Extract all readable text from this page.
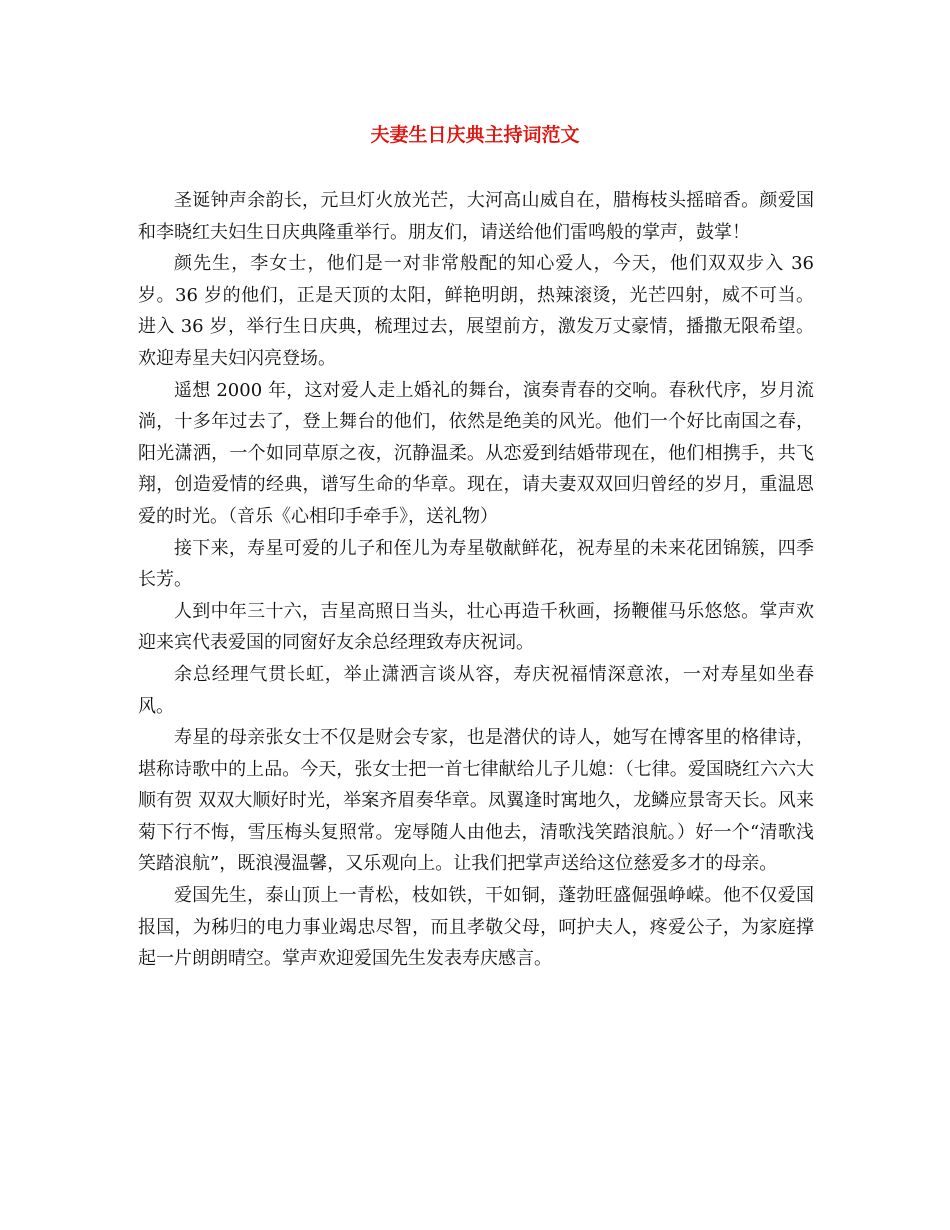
夫妻生日庆典主持词范文

圣诞钟声余韵长，元旦灯火放光芒，大河高山威自在，腊梅枝头摇暗香。颜爱国和李晓红夫妇生日庆典隆重举行。朋友们，请送给他们雷鸣般的掌声，鼓掌！

颜先生，李女士，他们是一对非常般配的知心爱人，今天，他们双双步入 36 岁。36 岁的他们，正是天顶的太阳，鲜艳明朗，热辣滚烫，光芒四射，威不可当。进入 36 岁，举行生日庆典，梳理过去，展望前方，激发万丈豪情，播撒无限希望。欢迎寿星夫妇闪亮登场。

遥想 2000 年，这对爱人走上婚礼的舞台，演奏青春的交响。春秋代序，岁月流淌，十多年过去了，登上舞台的他们，依然是绝美的风光。他们一个好比南国之春，阳光潇洒，一个如同草原之夜，沉静温柔。从恋爱到结婚带现在，他们相携手，共飞翔，创造爱情的经典，谱写生命的华章。现在，请夫妻双双回归曾经的岁月，重温恩爱的时光。（音乐《心相印手牵手》，送礼物）

接下来，寿星可爱的儿子和侄儿为寿星敬献鲜花，祝寿星的未来花团锦簇，四季长芳。

人到中年三十六，吉星高照日当头，壮心再造千秋画，扬鞭催马乐悠悠。掌声欢迎来宾代表爱国的同窗好友余总经理致寿庆祝词。

余总经理气贯长虹，举止潇洒言谈从容，寿庆祝福情深意浓，一对寿星如坐春风。

寿星的母亲张女士不仅是财会专家，也是潜伏的诗人，她写在博客里的格律诗，堪称诗歌中的上品。今天，张女士把一首七律献给儿子儿媳：（七律。爱国晓红六六大顺有贺 双双大顺好时光，举案齐眉奏华章。凤翼逢时寓地久，龙鳞应景寄天长。风来菊下行不悔，雪压梅头复照常。宠辱随人由他去，清歌浅笑踏浪航。）好一个“清歌浅笑踏浪航”，既浪漫温馨，又乐观向上。让我们把掌声送给这位慈爱多才的母亲。

爱国先生，泰山顶上一青松，枝如铁，干如铜，蓬勃旺盛倔强峥嵘。他不仅爱国报国，为秭归的电力事业竭忠尽智，而且孝敬父母，呵护夫人，疼爱公子，为家庭撑起一片朗朗晴空。掌声欢迎爱国先生发表寿庆感言。
